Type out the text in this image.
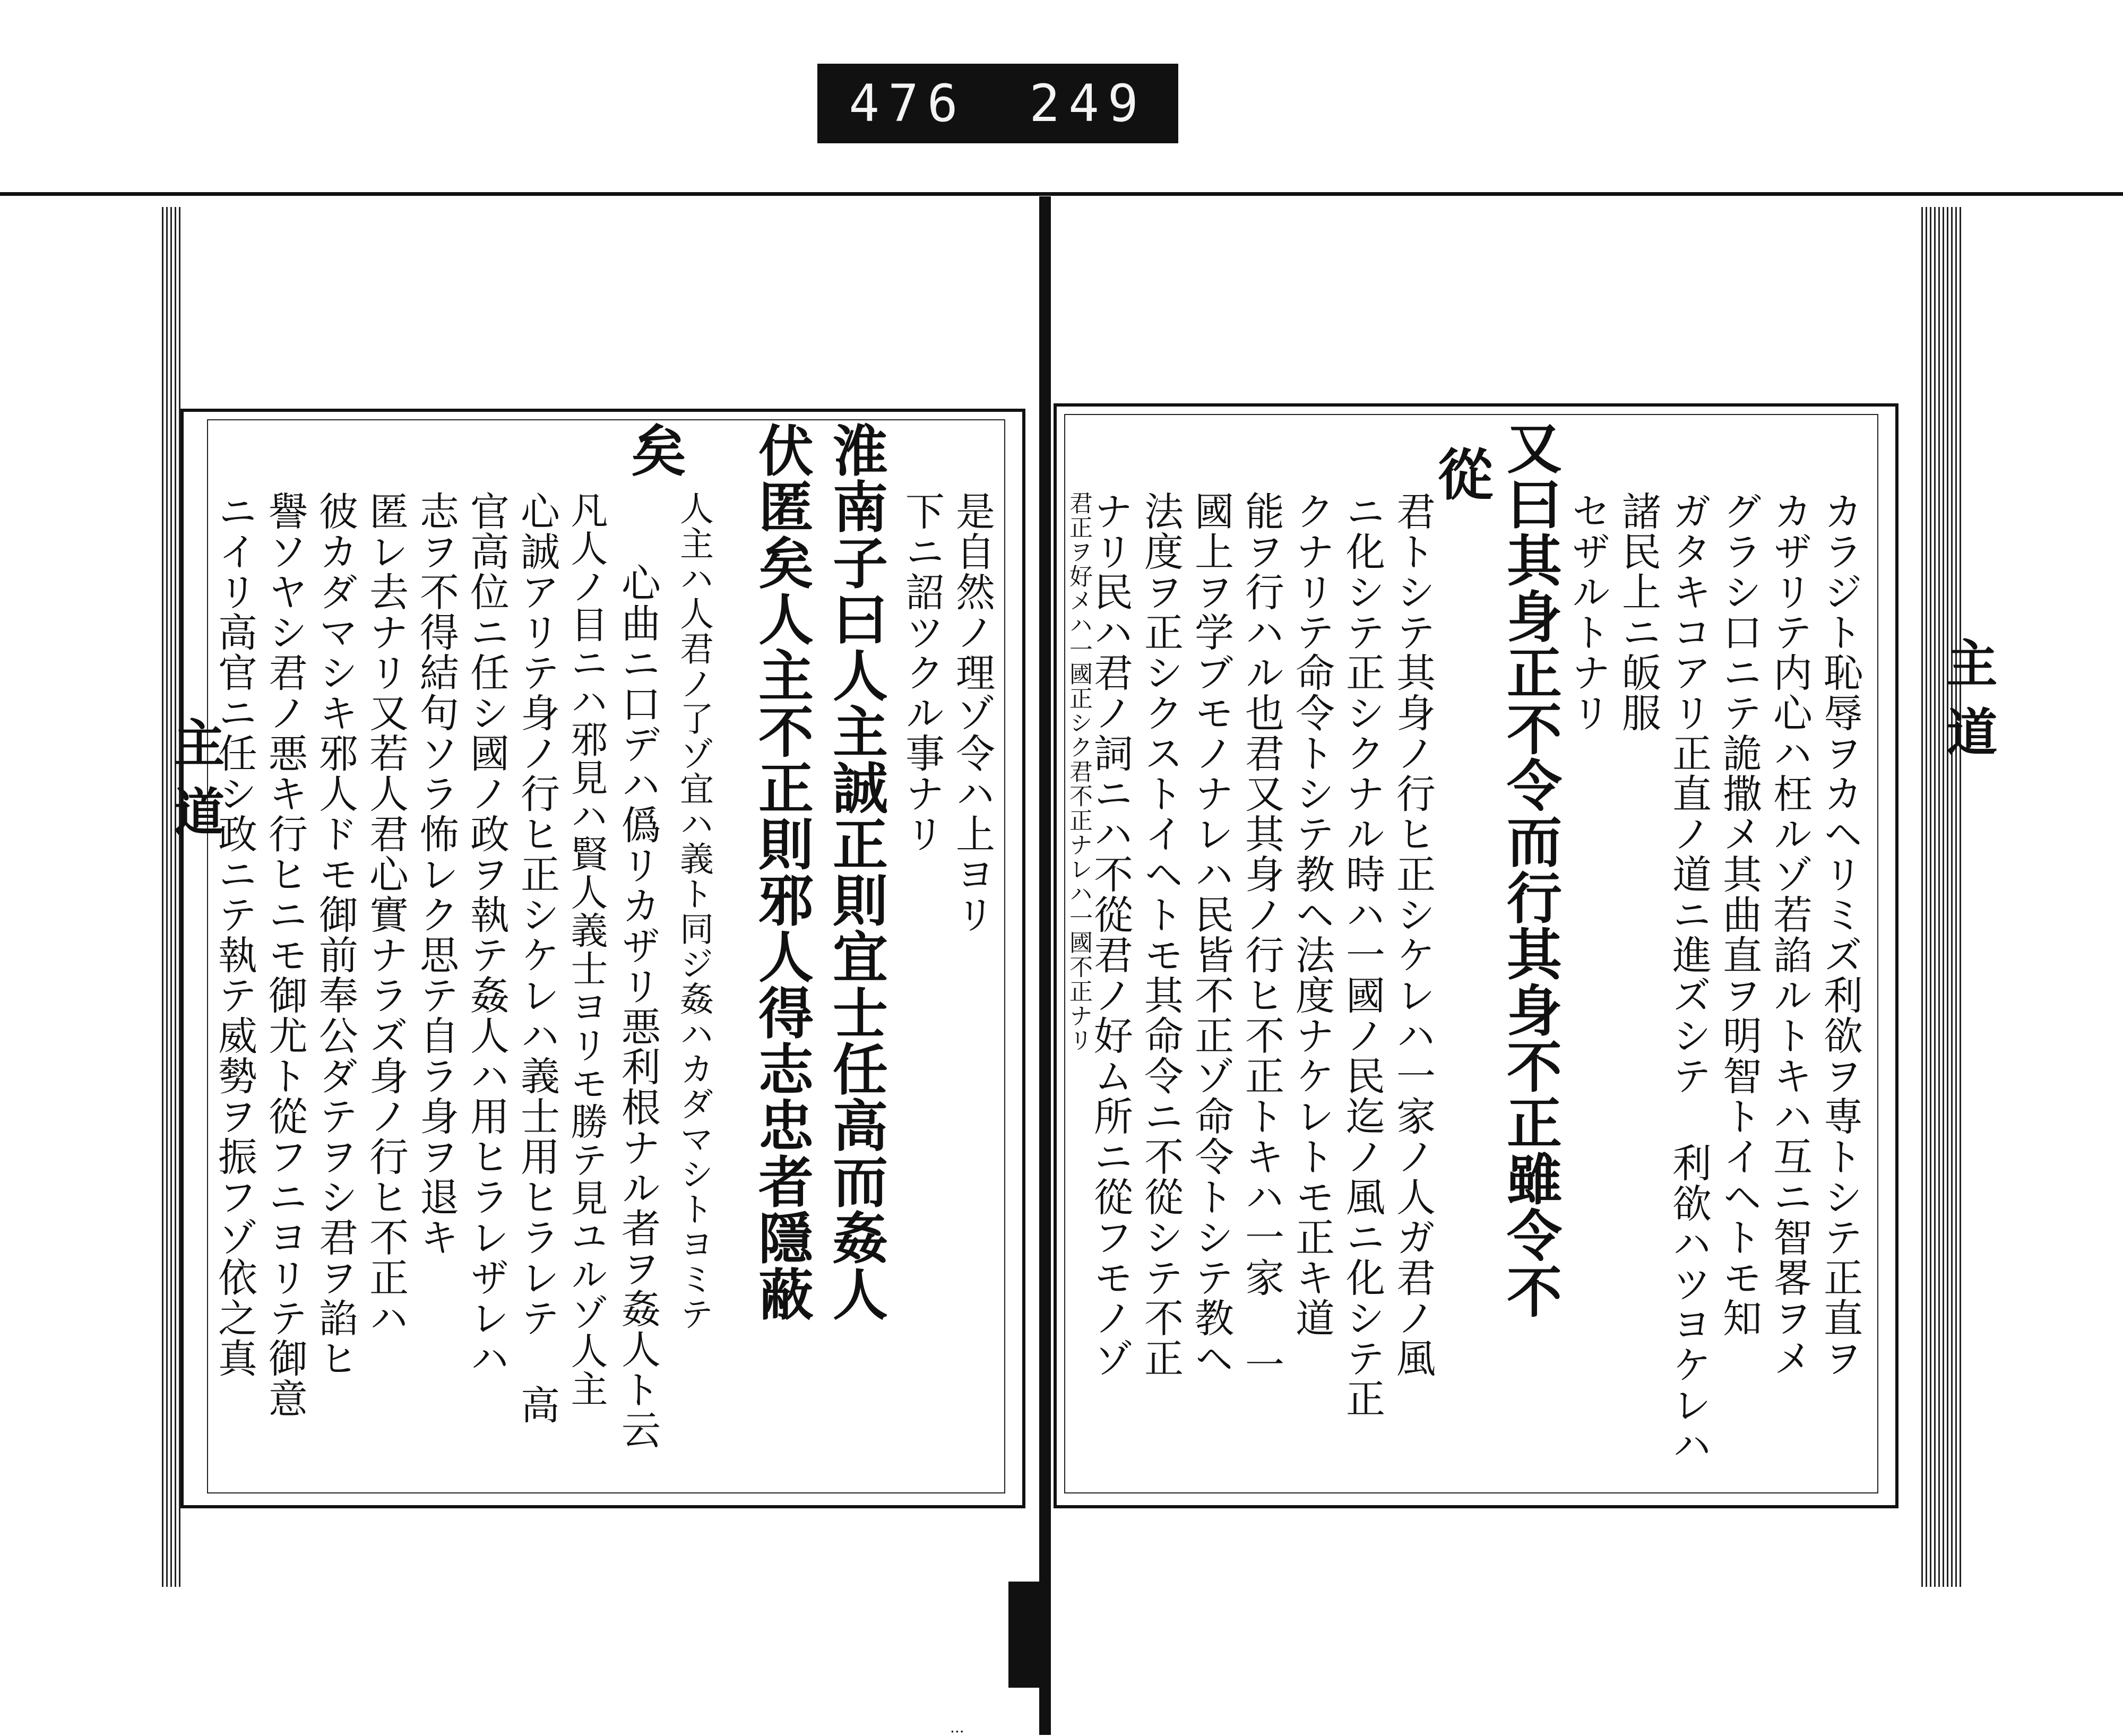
476 249
主 道
主 道
カラジト恥辱ヲカヘリミズ利欲ヲ専トシテ正直ヲ
カザリテ内心ハ枉ルゾ若諂ルトキハ互ニ智畧ヲメ
グラシ口ニテ詭撒メ其曲直ヲ明智トイヘトモ知
ガタキコアリ正直ノ道ニ進ズシテ 利欲ハツヨケレハ
諸民上ニ皈服
セザルトナリ
又曰其身正不令而行其身不正雖令不
從
君トシテ其身ノ行ヒ正シケレハ一家ノ人ガ君ノ風
ニ化シテ正シクナル時ハ一國ノ民迄ノ風ニ化シテ正
クナリテ命令トシテ教ヘ法度ナケレトモ正キ道
能ヲ行ハル也君又其身ノ行ヒ不正トキハ一家 一
國上ヲ学ブモノナレハ民皆不正ゾ命令トシテ教ヘ
法度ヲ正シクストイヘトモ其命令ニ不從シテ不正
ナリ民ハ君ノ詞ニハ不從君ノ好ム所ニ從フモノゾ
君正ヲ好メハ一國正シク君不正ナレハ一國不正ナリ
是自然ノ理ゾ令ハ上ヨリ
下ニ詔ツクル事ナリ
淮南子曰人主誠正則宜士任高而姦人
伏匿矣人主不正則邪人得志忠者隱蔽
矣
人主ハ人君ノ了ゾ宜ハ義ト同ジ姦ハカダマシトヨミテ
心曲ニ口デハ僞リカザリ悪利根ナル者ヲ姦人ト云
凡人ノ目ニハ邪見ハ賢人義士ヨリモ勝テ見ユルゾ人主
心誠アリテ身ノ行ヒ正シケレハ義士用ヒラレテ 高
官高位ニ任シ國ノ政ヲ執テ姦人ハ用ヒラレザレハ
志ヲ不得結句ソラ怖レク思テ自ラ身ヲ退キ
匿レ去ナリ又若人君心實ナラズ身ノ行ヒ不正ハ
彼カダマシキ邪人ドモ御前奉公ダテヲシ君ヲ諂ヒ
譽ソヤシ君ノ悪キ行ヒニモ御尤ト從フニヨリテ御意
ニイリ高官ニ任シ政ニテ執テ威勢ヲ振フゾ依之真
...
